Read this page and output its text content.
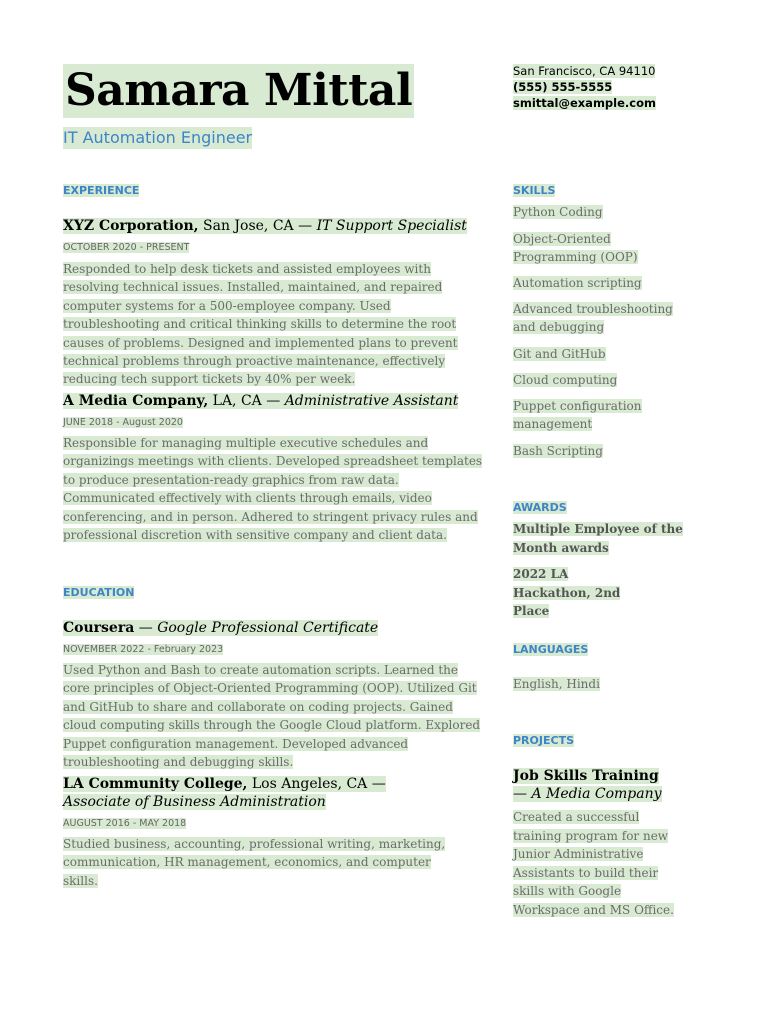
Samara Mittal
IT Automation Engineer
San Francisco, CA 94110
(555) 555-5555
smittal@example.com
EXPERIENCE
XYZ Corporation, San Jose, CA — IT Support Specialist
OCTOBER 2020 - PRESENT
Responded to help desk tickets and assisted employees with resolving technical issues. Installed, maintained, and repaired computer systems for a 500-employee company. Used troubleshooting and critical thinking skills to determine the root causes of problems. Designed and implemented plans to prevent technical problems through proactive maintenance, effectively reducing tech support tickets by 40% per week.
A Media Company, LA, CA — Administrative Assistant
JUNE 2018 - August 2020
Responsible for managing multiple executive schedules and organizings meetings with clients. Developed spreadsheet templates to produce presentation-ready graphics from raw data. Communicated effectively with clients through emails, video conferencing, and in person. Adhered to stringent privacy rules and professional discretion with sensitive company and client data.
EDUCATION
Coursera — Google Professional Certificate
NOVEMBER 2022 - February 2023
Used Python and Bash to create automation scripts. Learned the core principles of Object-Oriented Programming (OOP). Utilized Git and GitHub to share and collaborate on coding projects. Gained cloud computing skills through the Google Cloud platform. Explored Puppet configuration management. Developed advanced troubleshooting and debugging skills.
LA Community College, Los Angeles, CA — Associate of Business Administration
AUGUST 2016 - MAY 2018
Studied business, accounting, professional writing, marketing, communication, HR management, economics, and computer skills.
SKILLS
Python Coding
Object-Oriented Programming (OOP)
Automation scripting
Advanced troubleshooting and debugging
Git and GitHub
Cloud computing
Puppet configuration management
Bash Scripting
AWARDS
Multiple Employee of the Month awards
2022 LA Hackathon, 2nd Place
LANGUAGES
English, Hindi
PROJECTS
Job Skills Training
— A Media Company
Created a successful training program for new Junior Administrative Assistants to build their skills with Google Workspace and MS Office.
